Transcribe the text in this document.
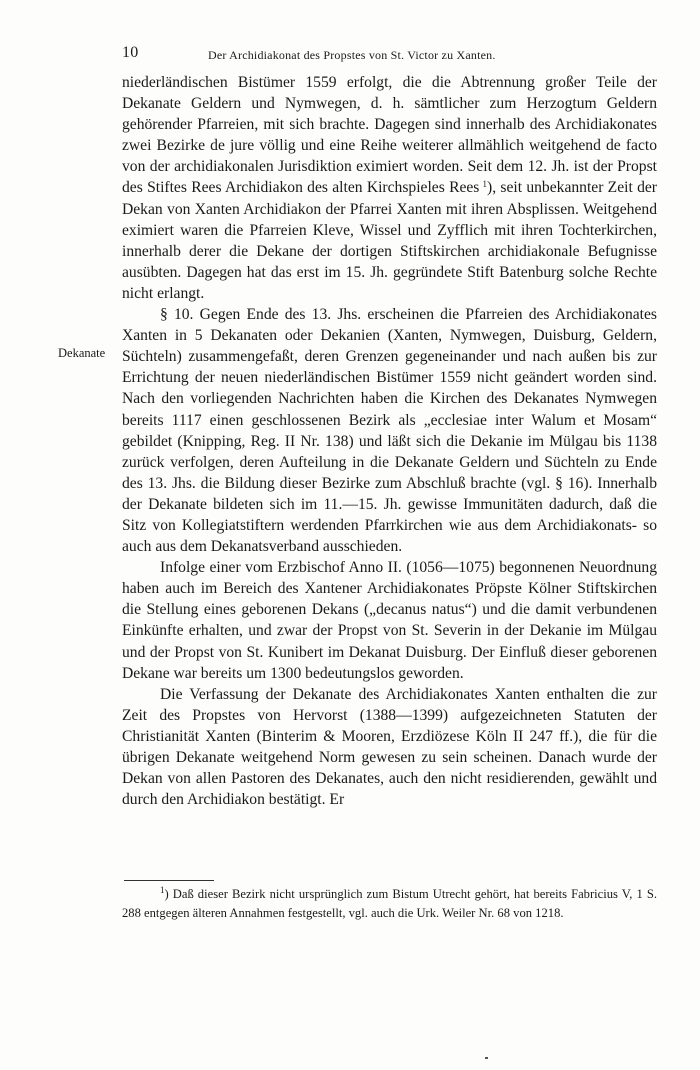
10	Der Archidiakonat des Propstes von St. Victor zu Xanten.
Dekanate

niederländischen Bistümer 1559 erfolgt, die die Abtrennung großer Teile der Dekanate Geldern und Nymwegen, d. h. sämtlicher zum Herzogtum Geldern gehörender Pfarreien, mit sich brachte. Dagegen sind innerhalb des Archidiakonates zwei Bezirke de jure völlig und eine Reihe weiterer allmählich weitgehend de facto von der archidiakonalen Jurisdiktion eximiert worden. Seit dem 12. Jh. ist der Propst des Stiftes Rees Archidiakon des alten Kirchspieles Rees  $^1$), seit unbekannter Zeit der Dekan von Xanten Archidiakon der Pfarrei Xanten mit ihren Absplissen. Weitgehend eximiert waren die Pfarreien Kleve, Wissel und Zyfflich mit ihren Tochterkirchen, innerhalb derer die Dekane der dortigen Stiftskirchen archidiakonale Befugnisse ausübten. Dagegen hat das erst im 15. Jh. gegründete Stift Batenburg solche Rechte nicht erlangt.

§ 10. Gegen Ende des 13. Jhs. erscheinen die Pfarreien des Archidiakonates Xanten in 5 Dekanaten oder Dekanien (Xanten, Nymwegen, Duisburg, Geldern, Süchteln) zusammengefaßt, deren Grenzen gegeneinander und nach außen bis zur Errichtung der neuen niederländischen Bistümer 1559 nicht geändert worden sind. Nach den vorliegenden Nachrichten haben die Kirchen des Dekanates Nymwegen bereits 1117 einen geschlossenen Bezirk als „ecclesiae inter Walum et Mosam“ gebildet (Knipping, Reg. II Nr. 138) und läßt sich die Dekanie im Mülgau bis 1138 zurück verfolgen, deren Aufteilung in die Dekanate Geldern und Süchteln zu Ende des 13. Jhs. die Bildung dieser Bezirke zum Abschluß brachte (vgl. § 16). Innerhalb der Dekanate bildeten sich im 11.—15. Jh. gewisse Immunitäten dadurch, daß die Sitz von Kollegiatstiftern werdenden Pfarrkirchen wie aus dem Archidiakonats- so auch aus dem Dekanatsverband ausschieden.

Infolge einer vom Erzbischof Anno II. (1056—1075) begonnenen Neuordnung haben auch im Bereich des Xantener Archidiakonates Pröpste Kölner Stiftskirchen die Stellung eines geborenen Dekans („decanus natus“) und die damit verbundenen Einkünfte erhalten, und zwar der Propst von St. Severin in der Dekanie im Mülgau und der Propst von St. Kunibert im Dekanat Duisburg. Der Einfluß dieser geborenen Dekane war bereits um 1300 bedeutungslos geworden.

Die Verfassung der Dekanate des Archidiakonates Xanten enthalten die zur Zeit des Propstes von Hervorst (1388—1399) aufgezeichneten Statuten der Christianität Xanten (Binterim & Mooren, Erzdiözese Köln II 247 ff.), die für die übrigen Dekanate weitgehend Norm gewesen zu sein scheinen. Danach wurde der Dekan von allen Pastoren des Dekanates, auch den nicht residierenden, gewählt und durch den Archidiakon bestätigt. Er

$^1$) Daß dieser Bezirk nicht ursprünglich zum Bistum Utrecht gehört, hat bereits Fabricius V, 1 S. 288 entgegen älteren Annahmen festgestellt, vgl. auch die Urk. Weiler Nr. 68 von 1218.
